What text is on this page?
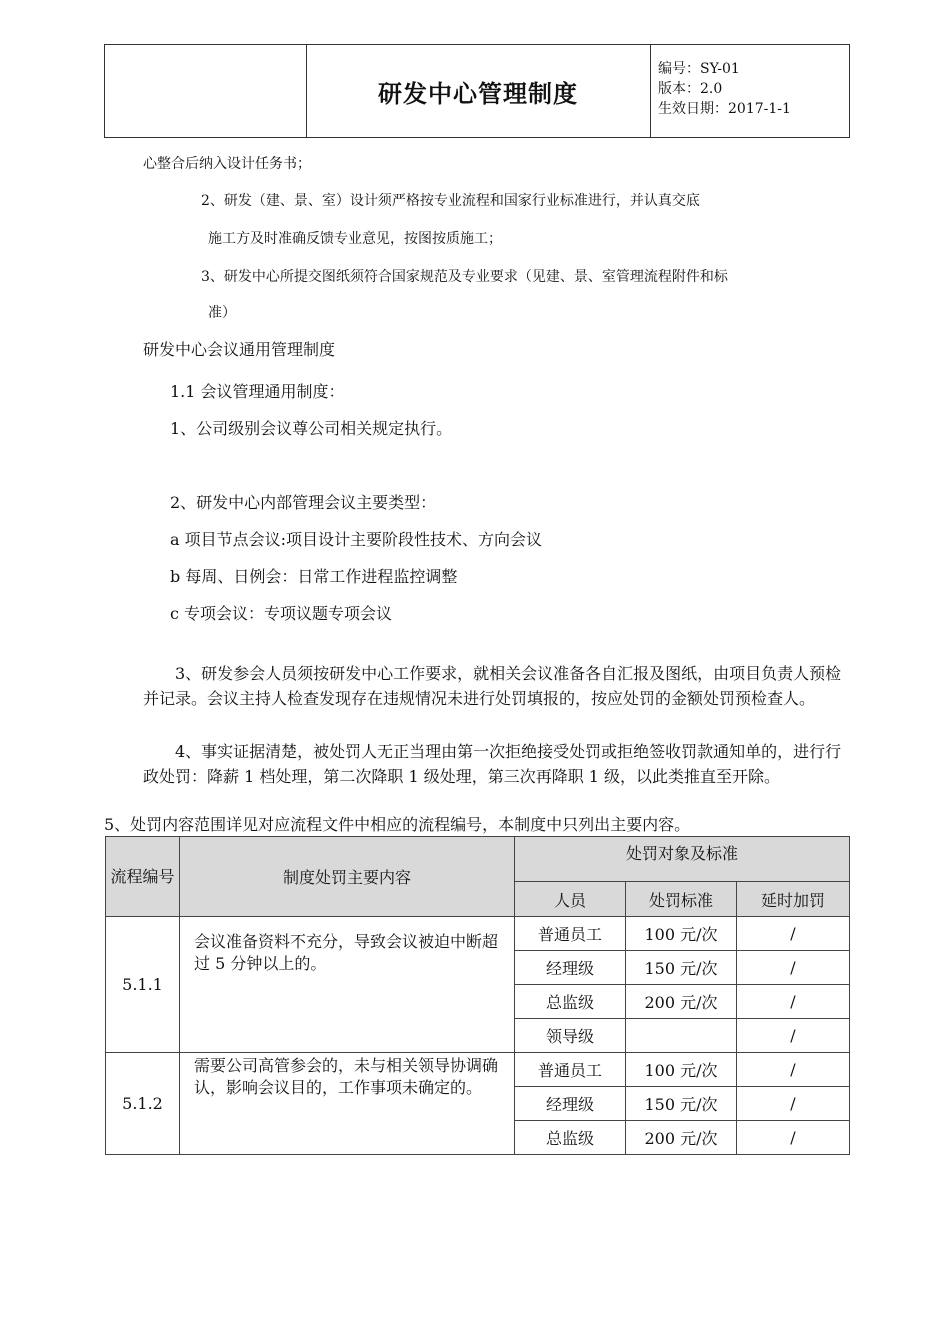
研发中心管理制度
编号：SY-01
版本：2.0
生效日期：2017-1-1
心整合后纳入设计任务书；
2、研发（建、景、室）设计须严格按专业流程和国家行业标准进行，并认真交底
施工方及时准确反馈专业意见，按图按质施工；
3、研发中心所提交图纸须符合国家规范及专业要求（见建、景、室管理流程附件和标
准）
研发中心会议通用管理制度
1.1 会议管理通用制度：
1、公司级别会议尊公司相关规定执行。
2、研发中心内部管理会议主要类型：
a 项目节点会议:项目设计主要阶段性技术、方向会议
b 每周、日例会：日常工作进程监控调整
c 专项会议：专项议题专项会议
3、研发参会人员须按研发中心工作要求，就相关会议准备各自汇报及图纸，由项目负责人预检并记录。会议主持人检查发现存在违规情况未进行处罚填报的，按应处罚的金额处罚预检查人。
4、事实证据清楚，被处罚人无正当理由第一次拒绝接受处罚或拒绝签收罚款通知单的，进行行政处罚：降薪 1 档处理，第二次降职 1 级处理，第三次再降职 1 级，以此类推直至开除。
5、处罚内容范围详见对应流程文件中相应的流程编号，本制度中只列出主要内容。
流程编号	制度处罚主要内容	处罚对象及标准		
		人员	处罚标准	延时加罚
5.1.1	会议准备资料不充分，导致会议被迫中断超过 5 分钟以上的。	普通员工	100 元/次	/
		经理级	150 元/次	/
		总监级	200 元/次	/
		领导级		/
5.1.2	需要公司高管参会的，未与相关领导协调确认，影响会议目的，工作事项未确定的。	普通员工	100 元/次	/
		经理级	150 元/次	/
		总监级	200 元/次	/
